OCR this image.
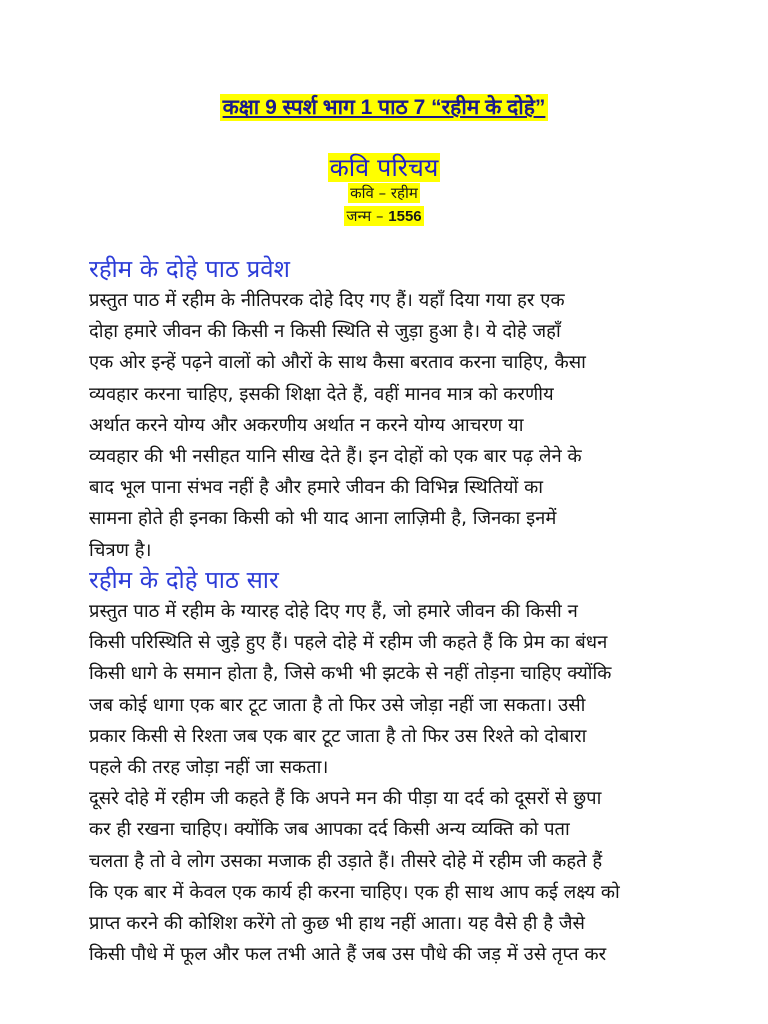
कक्षा 9 स्पर्श भाग 1 पाठ 7 “रहीम के दोहे”
कवि परिचय
कवि – रहीम
जन्म – 1556
रहीम के दोहे पाठ प्रवेश
प्रस्तुत पाठ में रहीम के नीतिपरक दोहे दिए गए हैं। यहाँ दिया गया हर एक
दोहा हमारे जीवन की किसी न किसी स्थिति से जुड़ा हुआ है। ये दोहे जहाँ
एक ओर इन्हें पढ़ने वालों को औरों के साथ कैसा बरताव करना चाहिए, कैसा
व्यवहार करना चाहिए, इसकी शिक्षा देते हैं, वहीं मानव मात्र को करणीय
अर्थात करने योग्य और अकरणीय अर्थात न करने योग्य आचरण या
व्यवहार की भी नसीहत यानि सीख देते हैं। इन दोहों को एक बार पढ़ लेने के
बाद भूल पाना संभव नहीं है और हमारे जीवन की विभिन्न स्थितियों का
सामना होते ही इनका किसी को भी याद आना लाज़िमी है, जिनका इनमें
चित्रण है।
रहीम के दोहे पाठ सार
प्रस्तुत पाठ में रहीम के ग्यारह दोहे दिए गए हैं, जो हमारे जीवन की किसी न
किसी परिस्थिति से जुड़े हुए हैं। पहले दोहे में रहीम जी कहते हैं कि प्रेम का बंधन
किसी धागे के समान होता है, जिसे कभी भी झटके से नहीं तोड़ना चाहिए क्योंकि
जब कोई धागा एक बार टूट जाता है तो फिर उसे जोड़ा नहीं जा सकता। उसी
प्रकार किसी से रिश्ता जब एक बार टूट जाता है तो फिर उस रिश्ते को दोबारा
पहले की तरह जोड़ा नहीं जा सकता।
दूसरे दोहे में रहीम जी कहते हैं कि अपने मन की पीड़ा या दर्द को दूसरों से छुपा
कर ही रखना चाहिए। क्योंकि जब आपका दर्द किसी अन्य व्यक्ति को पता
चलता है तो वे लोग उसका मजाक ही उड़ाते हैं। तीसरे दोहे में रहीम जी कहते हैं
कि एक बार में केवल एक कार्य ही करना चाहिए। एक ही साथ आप कई लक्ष्य को
प्राप्त करने की कोशिश करेंगे तो कुछ भी हाथ नहीं आता। यह वैसे ही है जैसे
किसी पौधे में फूल और फल तभी आते हैं जब उस पौधे की जड़ में उसे तृप्त कर
